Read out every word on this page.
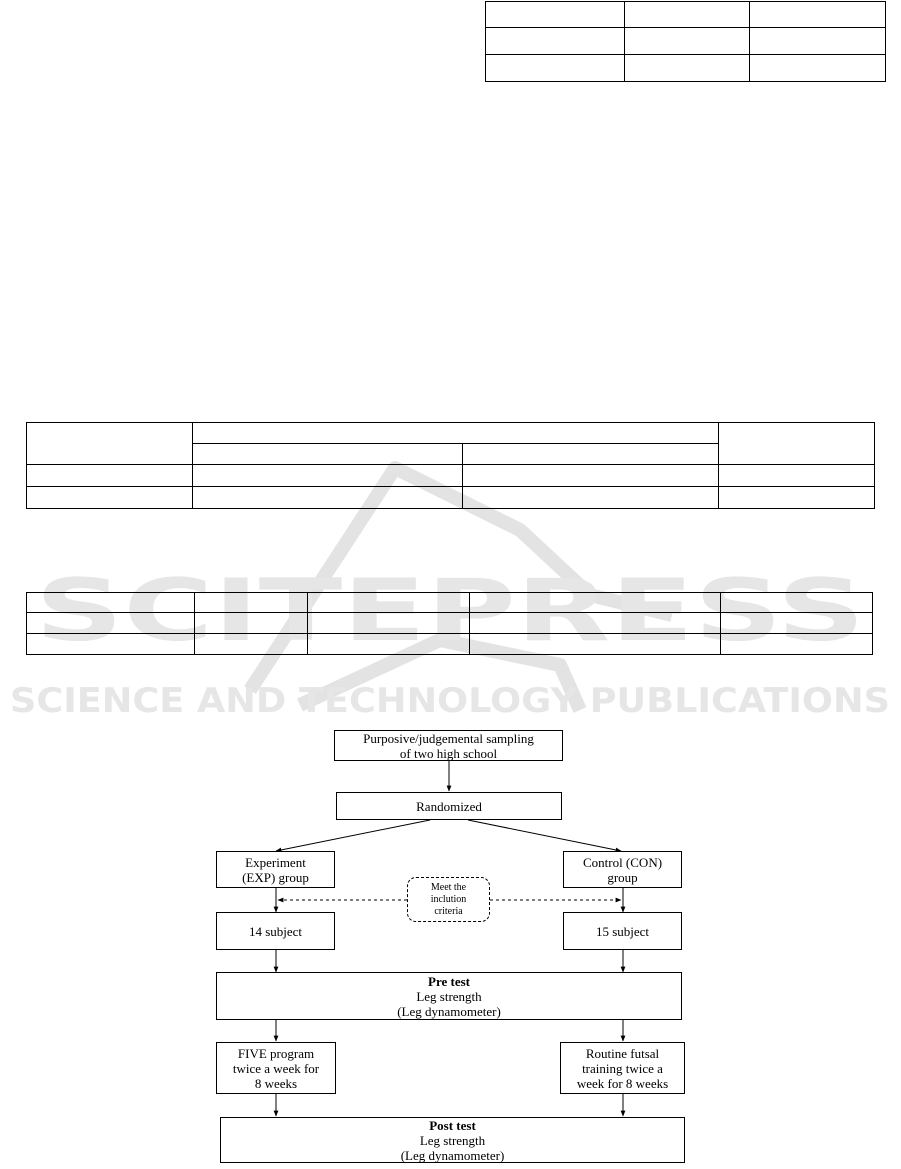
SCITEPRESS
SCIENCE AND TECHNOLOGY PUBLICATIONS

Purposive/judgemental sampling
of two high school
Randomized
Experiment
(EXP) group
Control (CON)
group
Meet the
inclution
criteria
14 subject	15 subject
Pre test
Leg strength
(Leg dynamometer)
FIVE program
twice a week for
8 weeks
Routine futsal
training twice a
week for 8 weeks
Post test
Leg strength
(Leg dynamometer)
